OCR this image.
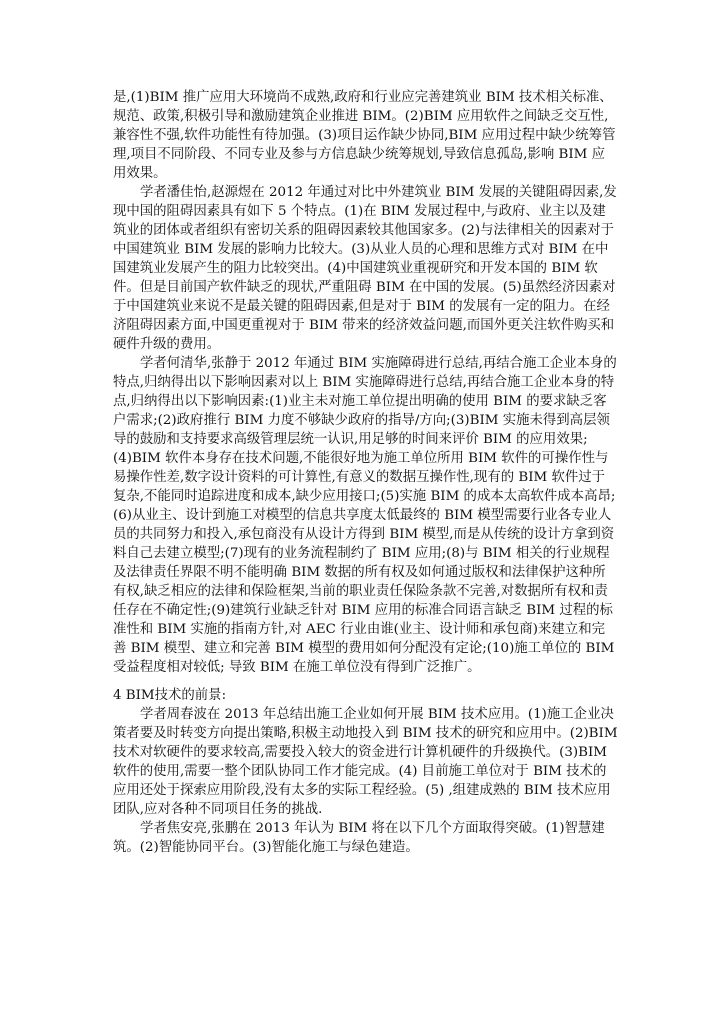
是,(1)BIM 推广应用大环境尚不成熟,政府和行业应完善建筑业 BIM 技术相关标准、规范、政策,积极引导和激励建筑企业推进 BIM。(2)BIM 应用软件之间缺乏交互性,兼容性不强,软件功能性有待加强。(3)项目运作缺少协同,BIM 应用过程中缺少统筹管理,项目不同阶段、不同专业及参与方信息缺少统筹规划,导致信息孤岛,影响 BIM 应用效果。

学者潘佳怡,赵源煜在 2012 年通过对比中外建筑业 BIM 发展的关键阻碍因素,发现中国的阻碍因素具有如下 5 个特点。(1)在 BIM 发展过程中,与政府、业主以及建筑业的团体或者组织有密切关系的阻碍因素较其他国家多。(2)与法律相关的因素对于中国建筑业 BIM 发展的影响力比较大。(3)从业人员的心理和思维方式对 BIM 在中国建筑业发展产生的阻力比较突出。(4)中国建筑业重视研究和开发本国的 BIM 软件。但是目前国产软件缺乏的现状,严重阻碍 BIM 在中国的发展。(5)虽然经济因素对于中国建筑业来说不是最关键的阻碍因素,但是对于 BIM 的发展有一定的阻力。在经济阻碍因素方面,中国更重视对于 BIM 带来的经济效益问题,而国外更关注软件购买和硬件升级的费用。

学者何清华,张静于 2012 年通过 BIM 实施障碍进行总结,再结合施工企业本身的特点,归纳得出以下影响因素对以上 BIM 实施障碍进行总结,再结合施工企业本身的特点,归纳得出以下影响因素:(1)业主未对施工单位提出明确的使用 BIM 的要求缺乏客户需求;(2)政府推行 BIM 力度不够缺少政府的指导/方向;(3)BIM 实施未得到高层领导的鼓励和支持要求高级管理层统一认识,用足够的时间来评价 BIM 的应用效果;(4)BIM 软件本身存在技术问题,不能很好地为施工单位所用 BIM 软件的可操作性与易操作性差,数字设计资料的可计算性,有意义的数据互操作性,现有的 BIM 软件过于复杂,不能同时追踪进度和成本,缺少应用接口;(5)实施 BIM 的成本太高软件成本高昂;(6)从业主、设计到施工对模型的信息共享度太低最终的 BIM 模型需要行业各专业人员的共同努力和投入,承包商没有从设计方得到 BIM 模型,而是从传统的设计方拿到资料自己去建立模型;(7)现有的业务流程制约了 BIM 应用;(8)与 BIM 相关的行业规程及法律责任界限不明不能明确 BIM 数据的所有权及如何通过版权和法律保护这种所有权,缺乏相应的法律和保险框架,当前的职业责任保险条款不完善,对数据所有权和责任存在不确定性;(9)建筑行业缺乏针对 BIM 应用的标准合同语言缺乏 BIM 过程的标准性和 BIM 实施的指南方针,对 AEC 行业由谁(业主、设计师和承包商)来建立和完善 BIM 模型、建立和完善 BIM 模型的费用如何分配没有定论;(10)施工单位的 BIM 受益程度相对较低; 导致 BIM 在施工单位没有得到广泛推广。

4 BIM技术的前景:

学者周春波在 2013 年总结出施工企业如何开展 BIM 技术应用。(1)施工企业决策者要及时转变方向提出策略,积极主动地投入到 BIM 技术的研究和应用中。(2)BIM 技术对软硬件的要求较高,需要投入较大的资金进行计算机硬件的升级换代。(3)BIM 软件的使用,需要一整个团队协同工作才能完成。(4) 目前施工单位对于 BIM 技术的应用还处于探索应用阶段,没有太多的实际工程经验。(5) ,组建成熟的 BIM 技术应用团队,应对各种不同项目任务的挑战.

学者焦安亮,张鹏在 2013 年认为 BIM 将在以下几个方面取得突破。(1)智慧建筑。(2)智能协同平台。(3)智能化施工与绿色建造。
